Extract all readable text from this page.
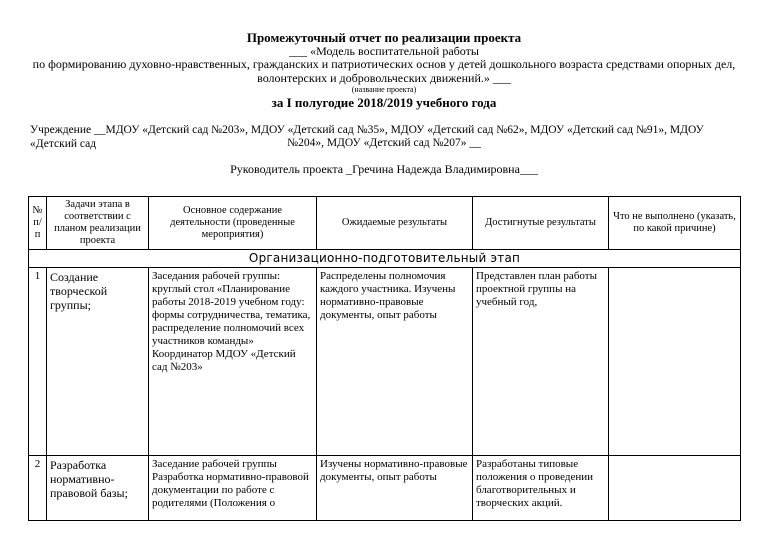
Промежуточный отчет по реализации проекта
___ «Модель воспитательной работы
по формированию духовно-нравственных, гражданских и патриотических основ у детей дошкольного возраста средствами опорных дел,
волонтерских и добровольческих движений.» ___
(название проекта)
за I полугодие 2018/2019 учебного года
Учреждение __МДОУ «Детский сад №203», МДОУ «Детский сад №35», МДОУ «Детский сад №62», МДОУ «Детский сад №91», МДОУ «Детский сад	№204», МДОУ «Детский сад №207» __
Руководитель проекта _Гречина Надежда Владимировна___
№ п/п	Задачи этапа в соответствии с планом реализации проекта	Основное содержание деятельности (проведенные мероприятия)	Ожидаемые результаты	Достигнутые результаты	Что не выполнено (указать, по какой причине)
Организационно-подготовительный этап					
1	Создание творческой группы;	Заседания рабочей группы: круглый стол «Планирование работы 2018-2019 учебном году: формы сотрудничества, тематика, распределение полномочий всех участников команды» Координатор МДОУ «Детский сад №203»	Распределены полномочия каждого участника. Изучены нормативно-правовые документы, опыт работы	Представлен план работы проектной группы на учебный год,	
2	Разработка нормативно-правовой базы;	Заседание рабочей группы Разработка нормативно-правовой документации по работе с родителями (Положения о	Изучены нормативно-правовые документы, опыт работы	Разработаны типовые положения о проведении благотворительных и творческих акций.	
